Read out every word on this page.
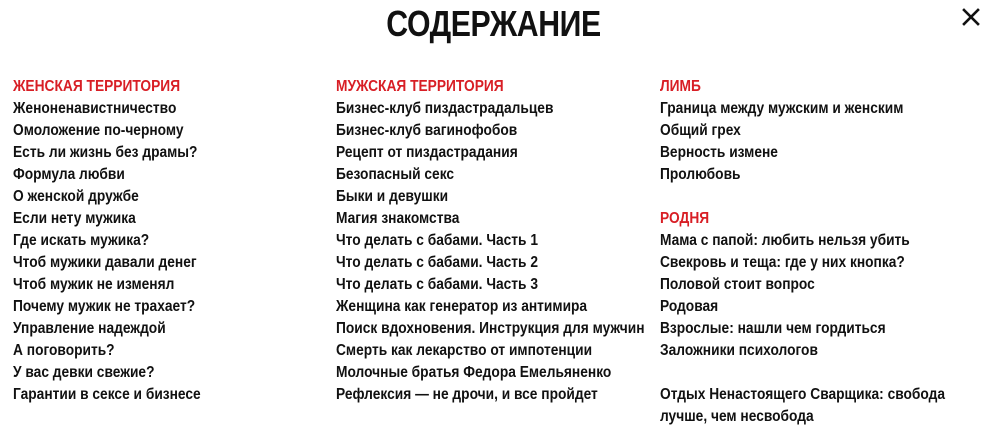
СОДЕРЖАНИЕ
ЖЕНСКАЯ ТЕРРИТОРИЯ
Женоненавистничество
Омоложение по-черному
Есть ли жизнь без драмы?
Формула любви
О женской дружбе
Если нету мужика
Где искать мужика?
Чтоб мужики давали денег
Чтоб мужик не изменял
Почему мужик не трахает?
Управление надеждой
А поговорить?
У вас девки свежие?
Гарантии в сексе и бизнесе
МУЖСКАЯ ТЕРРИТОРИЯ
Бизнес-клуб пиздастрадальцев
Бизнес-клуб вагинофобов
Рецепт от пиздастрадания
Безопасный секс
Быки и девушки
Магия знакомства
Что делать с бабами. Часть 1
Что делать с бабами. Часть 2
Что делать с бабами. Часть 3
Женщина как генератор из антимира
Поиск вдохновения. Инструкция для мужчин
Смерть как лекарство от импотенции
Молочные братья Федора Емельяненко
Рефлексия — не дрочи, и все пройдет
ЛИМБ
Граница между мужским и женским
Общий грех
Верность измене
Пролюбовь
РОДНЯ
Мама с папой: любить нельзя убить
Свекровь и теща: где у них кнопка?
Половой стоит вопрос
Родовая
Взрослые: нашли чем гордиться
Заложники психологов
Отдых Ненастоящего Сварщика: свобода лучше, чем несвобода
